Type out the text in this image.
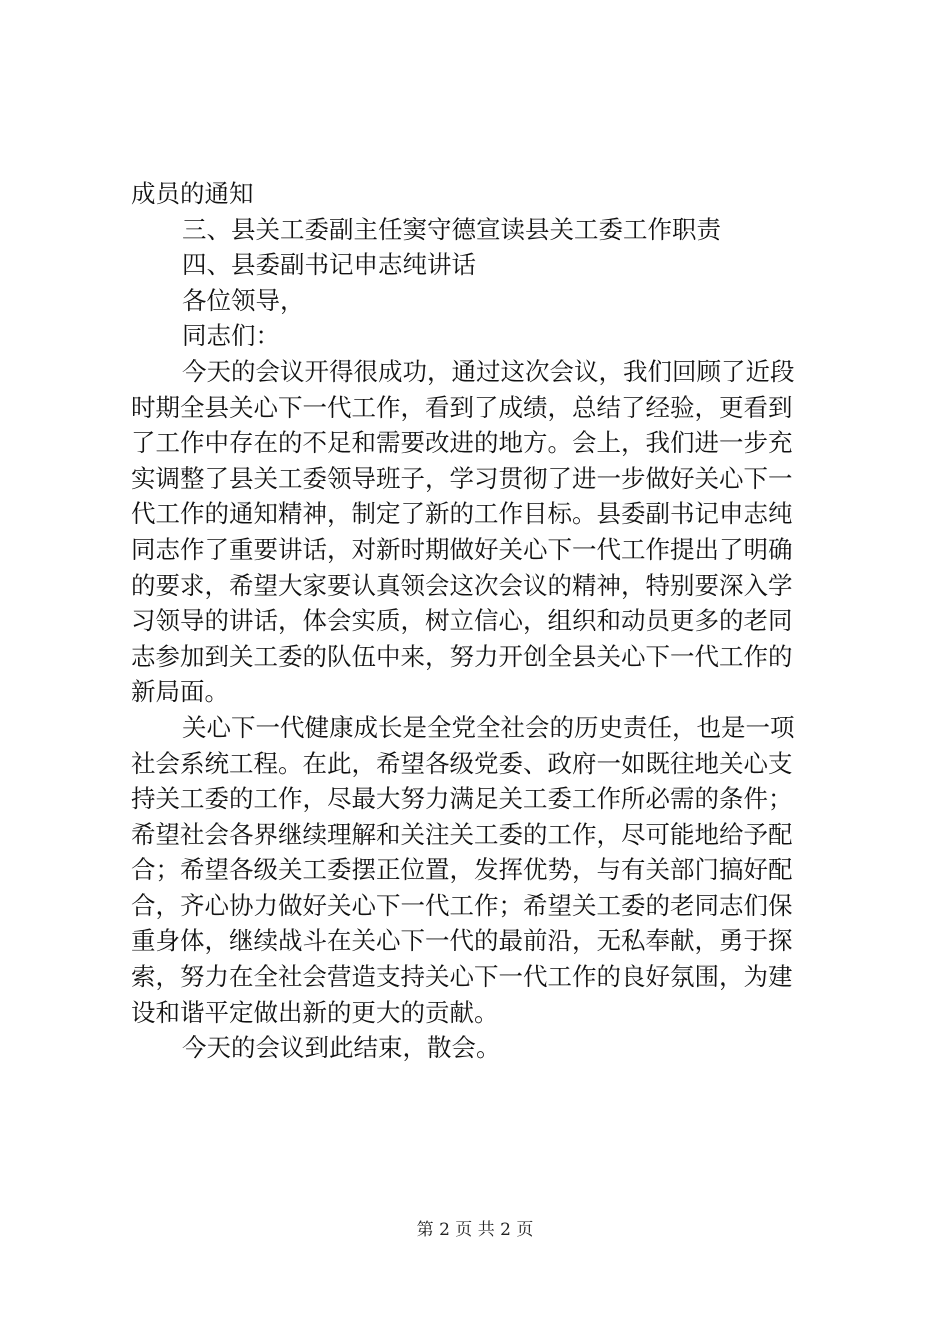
成员的通知
三、县关工委副主任窦守德宣读县关工委工作职责
四、县委副书记申志纯讲话
各位领导，
同志们：
今天的会议开得很成功，通过这次会议，我们回顾了近段
时期全县关心下一代工作，看到了成绩，总结了经验，更看到
了工作中存在的不足和需要改进的地方。会上，我们进一步充
实调整了县关工委领导班子，学习贯彻了进一步做好关心下一
代工作的通知精神，制定了新的工作目标。县委副书记申志纯
同志作了重要讲话，对新时期做好关心下一代工作提出了明确
的要求，希望大家要认真领会这次会议的精神，特别要深入学
习领导的讲话，体会实质，树立信心，组织和动员更多的老同
志参加到关工委的队伍中来，努力开创全县关心下一代工作的
新局面。
关心下一代健康成长是全党全社会的历史责任，也是一项
社会系统工程。在此，希望各级党委、政府一如既往地关心支
持关工委的工作，尽最大努力满足关工委工作所必需的条件；
希望社会各界继续理解和关注关工委的工作，尽可能地给予配
合；希望各级关工委摆正位置，发挥优势，与有关部门搞好配
合，齐心协力做好关心下一代工作；希望关工委的老同志们保
重身体，继续战斗在关心下一代的最前沿，无私奉献，勇于探
索，努力在全社会营造支持关心下一代工作的良好氛围，为建
设和谐平定做出新的更大的贡献。
今天的会议到此结束，散会。
第 2 页 共 2 页
